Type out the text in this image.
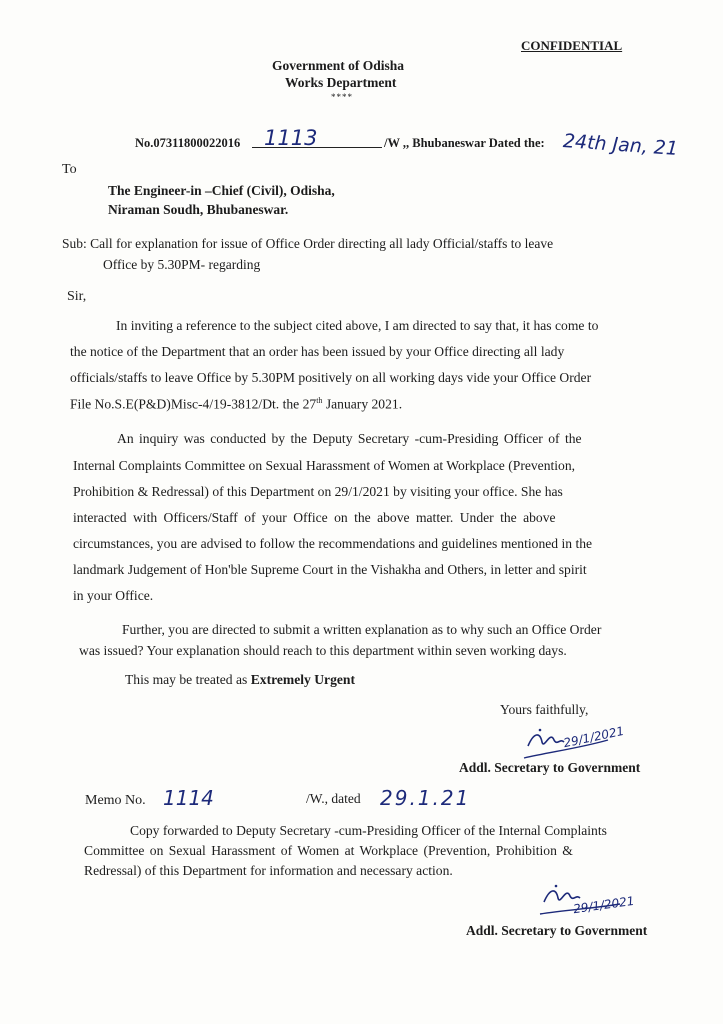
CONFIDENTIAL
Government of Odisha
Works Department
****
No.07311800022016 1113	/W ,, Bhubaneswar Dated the: 24th Jan, 21
To
The Engineer-in –Chief (Civil), Odisha,
Niraman Soudh, Bhubaneswar.
Sub: Call for explanation for issue of Office Order directing all lady Official/staffs to leave
Office by 5.30PM- regarding
Sir,
In inviting a reference to the subject cited above, I am directed to say that, it has come to
the notice of the Department that an order has been issued by your Office directing all lady
officials/staffs to leave Office by 5.30PM positively on all working days vide your Office Order
File No.S.E(P&D)Misc-4/19-3812/Dt. the 27th January 2021.
An inquiry was conducted by the Deputy Secretary -cum-Presiding Officer of the
Internal Complaints Committee on Sexual Harassment of Women at Workplace (Prevention,
Prohibition & Redressal) of this Department on 29/1/2021 by visiting your office. She has
interacted with Officers/Staff of your Office on the above matter. Under the above
circumstances, you are advised to follow the recommendations and guidelines mentioned in the
landmark Judgement of Hon'ble Supreme Court in the Vishakha and Others, in letter and spirit
in your Office.
Further, you are directed to submit a written explanation as to why such an Office Order
was issued? Your explanation should reach to this department within seven working days.
This may be treated as Extremely Urgent
Yours faithfully,
29/1/2021
Addl. Secretary to Government
Memo No. 1114	/W., dated 29.1.21
Copy forwarded to Deputy Secretary -cum-Presiding Officer of the Internal Complaints
Committee on Sexual Harassment of Women at Workplace (Prevention, Prohibition &
Redressal) of this Department for information and necessary action.
29/1/2021
Addl. Secretary to Government
